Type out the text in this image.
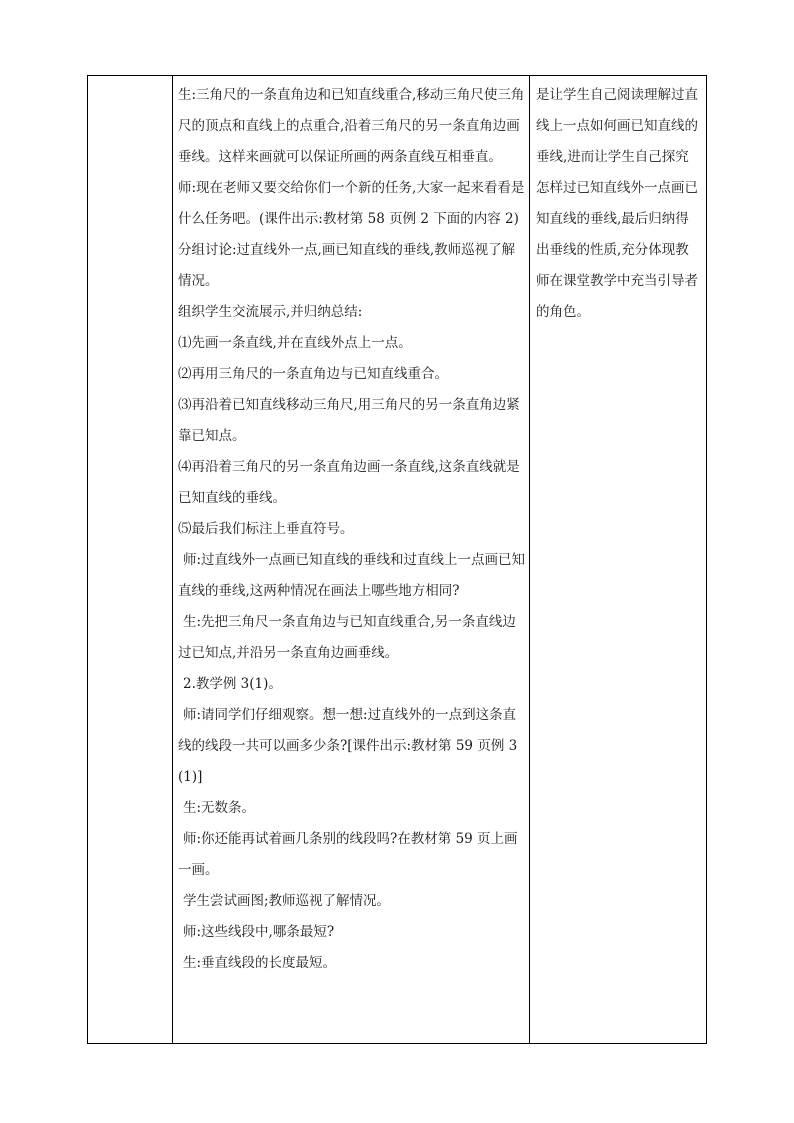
生:三角尺的一条直角边和已知直线重合,移动三角尺使三角尺的顶点和直线上的点重合,沿着三角尺的另一条直角边画垂线。这样来画就可以保证所画的两条直线互相垂直。

师:现在老师又要交给你们一个新的任务,大家一起来看看是什么任务吧。(课件出示:教材第 58 页例 2 下面的内容 2)

分组讨论:过直线外一点,画已知直线的垂线,教师巡视了解情况。

组织学生交流展示,并归纳总结:

⑴先画一条直线,并在直线外点上一点。

⑵再用三角尺的一条直角边与已知直线重合。

⑶再沿着已知直线移动三角尺,用三角尺的另一条直角边紧靠已知点。

⑷再沿着三角尺的另一条直角边画一条直线,这条直线就是已知直线的垂线。

⑸最后我们标注上垂直符号。

师:过直线外一点画已知直线的垂线和过直线上一点画已知直线的垂线,这两种情况在画法上哪些地方相同?

生:先把三角尺一条直角边与已知直线重合,另一条直线边过已知点,并沿另一条直角边画垂线。

2.教学例 3(1)。

师:请同学们仔细观察。想一想:过直线外的一点到这条直线的线段一共可以画多少条?[课件出示:教材第 59 页例 3(1)]

生:无数条。

师:你还能再试着画几条别的线段吗?在教材第 59 页上画一画。

学生尝试画图;教师巡视了解情况。

师:这些线段中,哪条最短?

生:垂直线段的长度最短。

是让学生自己阅读理解过直线上一点如何画已知直线的垂线,进而让学生自己探究怎样过已知直线外一点画已知直线的垂线,最后归纳得出垂线的性质,充分体现教师在课堂教学中充当引导者的角色。
